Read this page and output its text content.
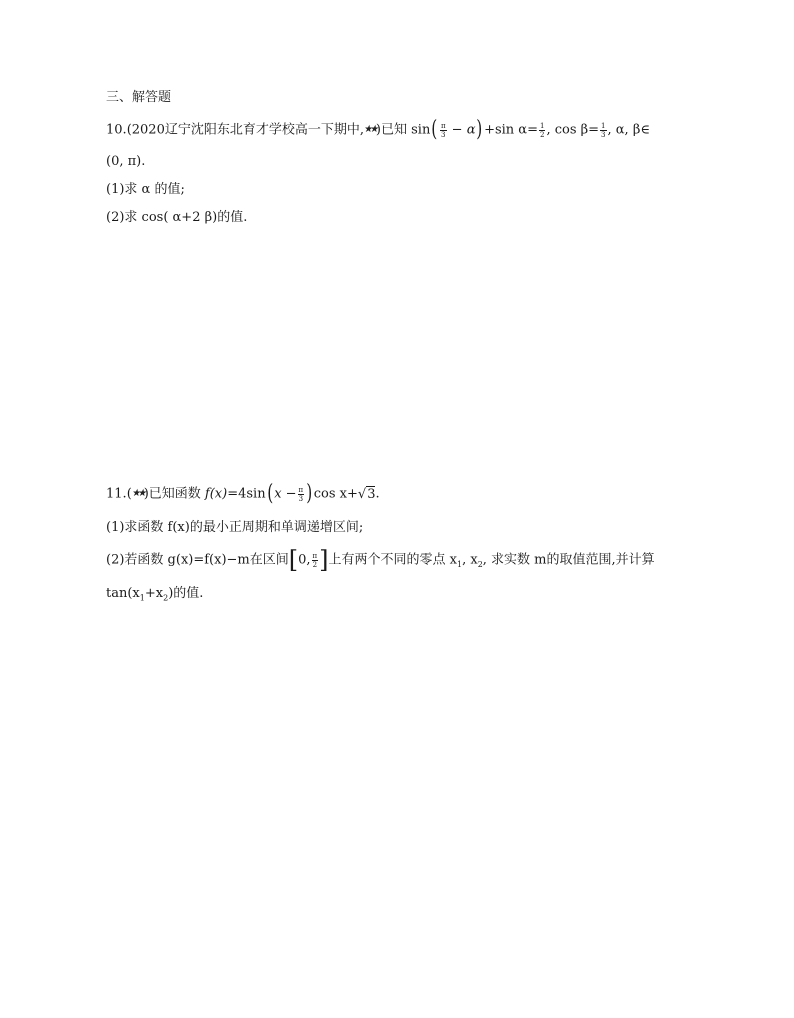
三、解答题
10.(2020辽宁沈阳东北育才学校高一下期中,★★)已知 $\sin( \frac{\pi}{3} - \alpha)+\sin$ $\alpha= \frac{1}{2}$ , $\cos \beta= \frac{1}{3}$ , α, β∈
(0, π).
(1)求 α 的值;
(2)求 cos( α+2 β)的值.
11.(★★)已知函数 $f(x)=4\sin(x - \frac{\pi}{3} )\cos$ x+√3.
(1)求函数 f(x)的最小正周期和单调递增区间;
(2)若函数 g(x)=f(x)−m在区间[0, $\frac{\pi}{2}$ ]上有两个不同的零点 $x_1$, $x_2$, 求实数 m的取值范围,并计算
$\tan(x_1+x_2)$的值.
